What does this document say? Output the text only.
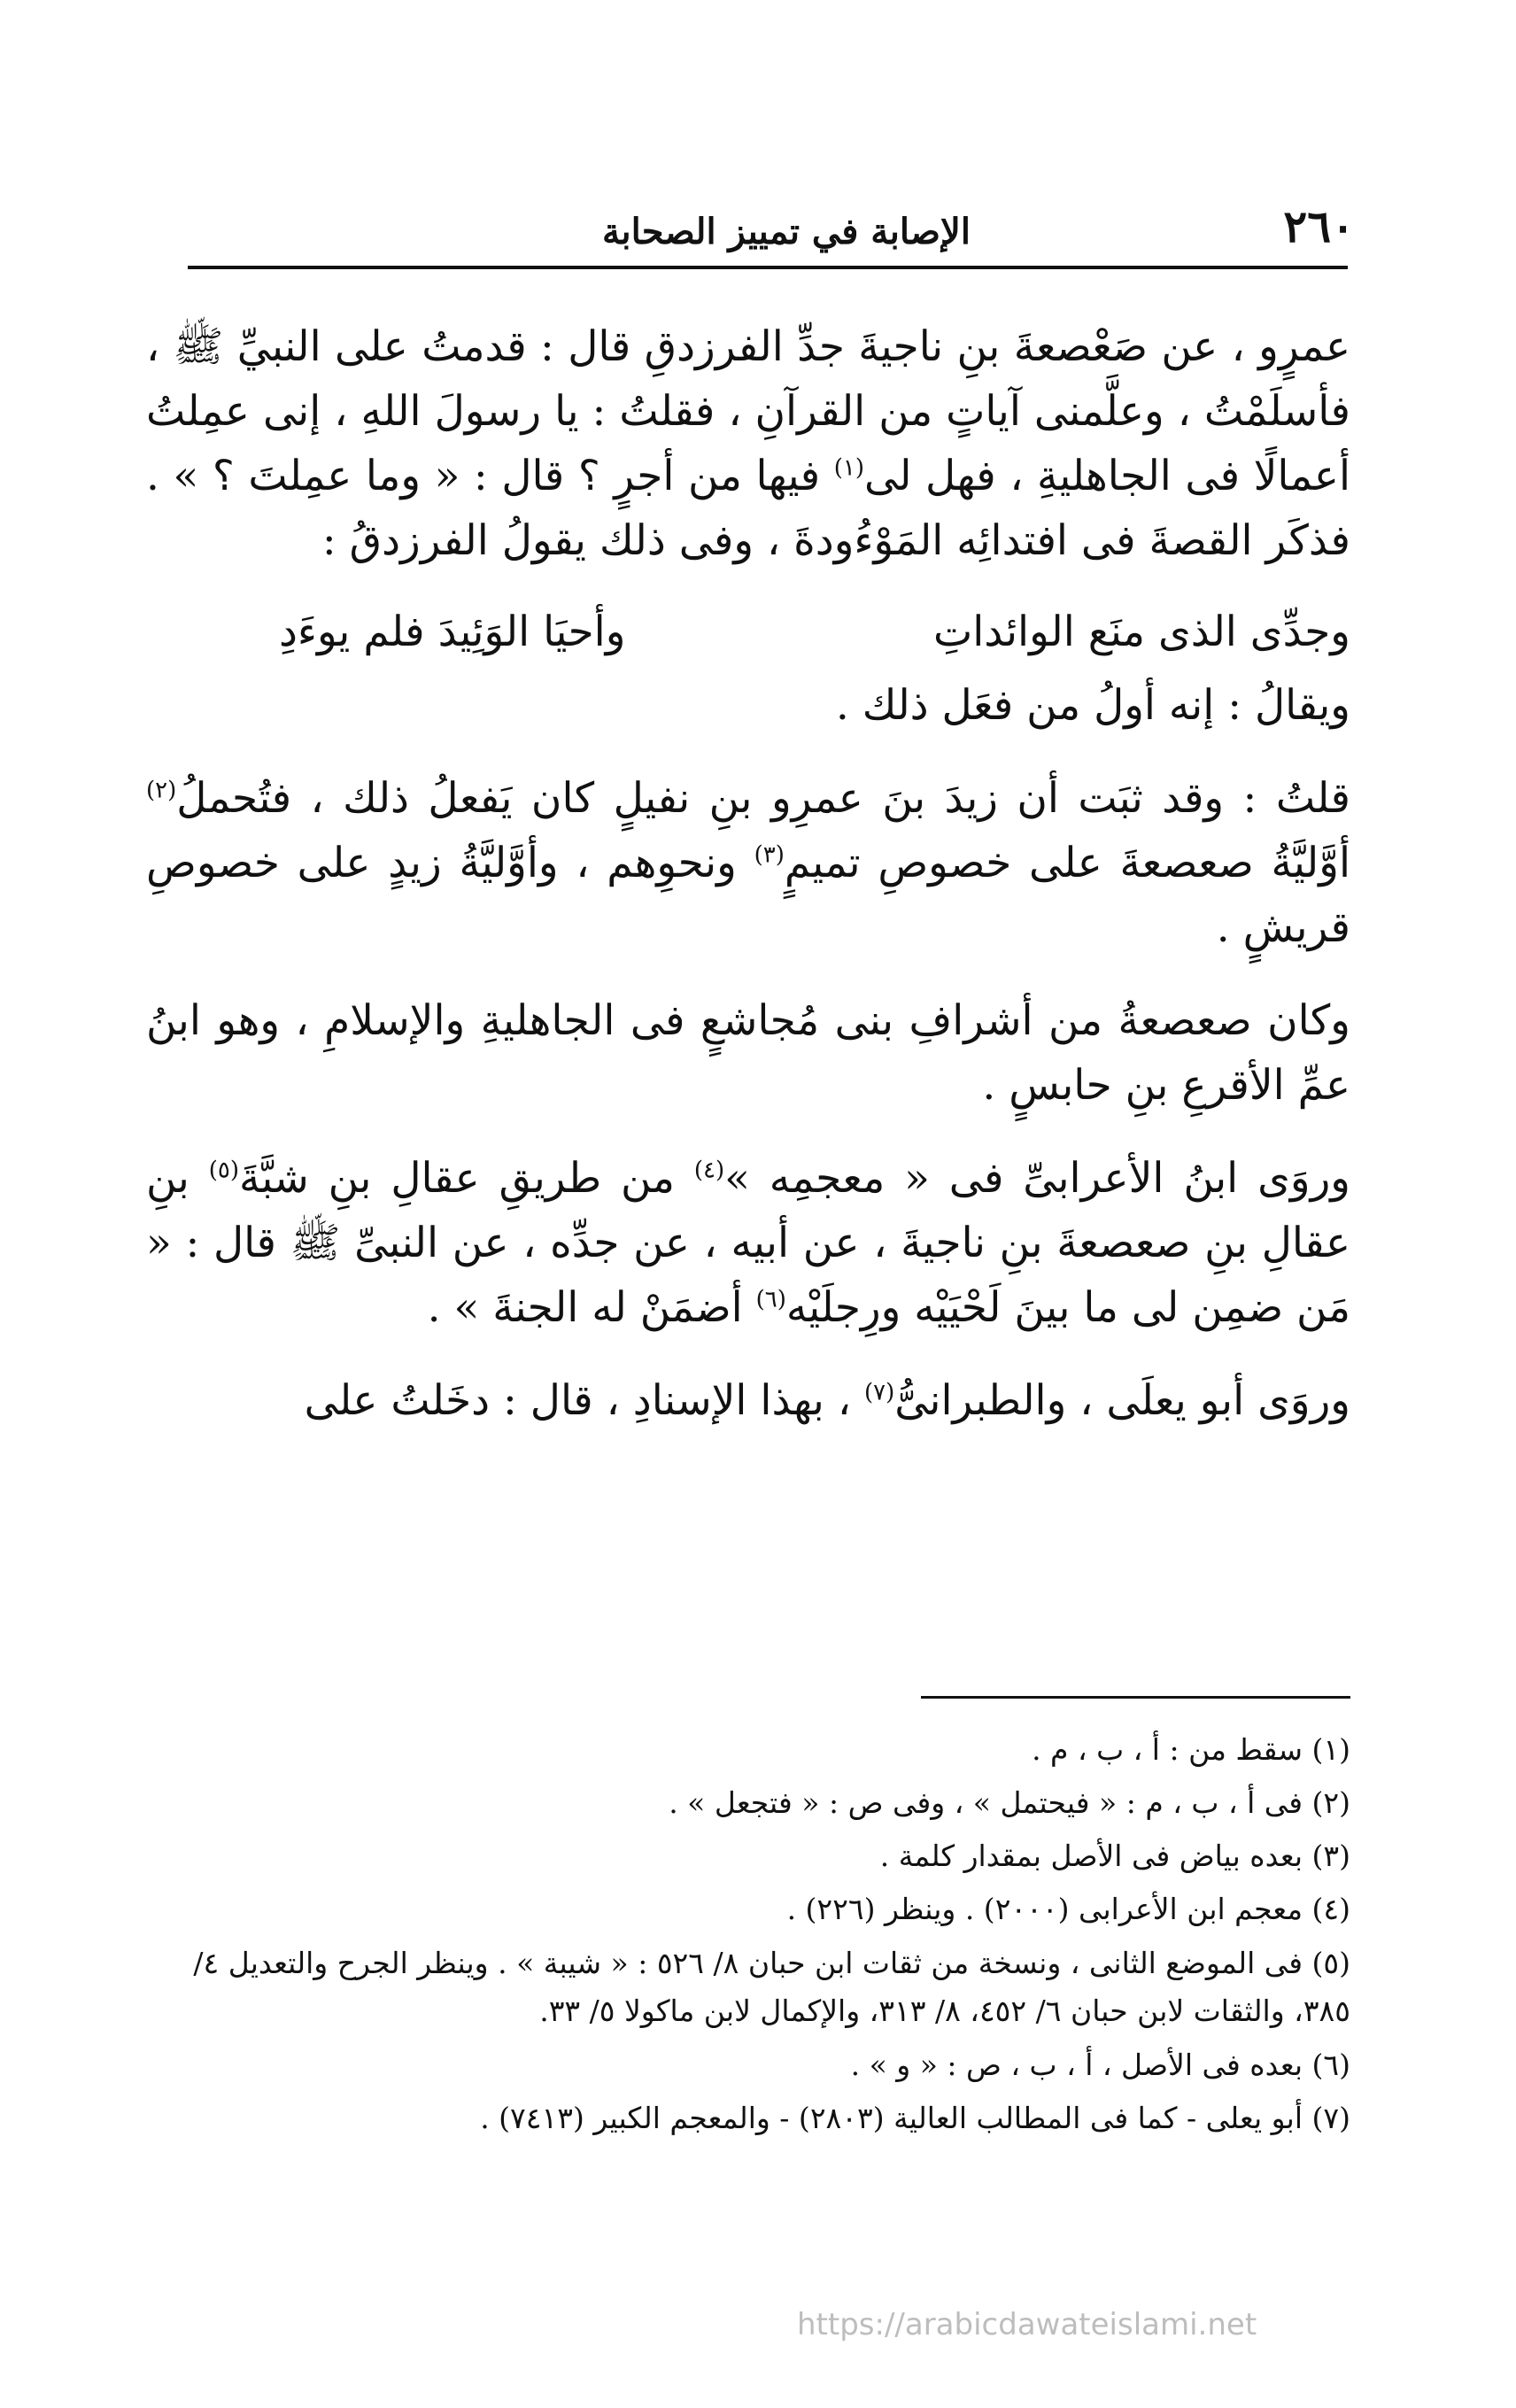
٢٦٠
الإصابة في تمييز الصحابة

عمرٍو ، عن صَعْصعةَ بنِ ناجيةَ جدِّ الفرزدقِ قال : قدمتُ على النبيِّ ﷺ ، فأسلَمْتُ ، وعلَّمنى آياتٍ من القرآنِ ، فقلتُ : يا رسولَ اللهِ ، إنى عمِلتُ أعمالًا فى الجاهليةِ ، فهل لى$^{(١)}$ فيها من أجرٍ ؟ قال : « وما عمِلتَ ؟ » . فذكَر القصةَ فى افتدائِه المَوْءُودةَ ، وفى ذلك يقولُ الفرزدقُ :

وجدِّى الذى منَع الوائداتِ
وأحيَا الوَئِيدَ فلم يوءَدِ

ويقالُ : إنه أولُ من فعَل ذلك .

قلتُ : وقد ثبَت أن زيدَ بنَ عمرِو بنِ نفيلٍ كان يَفعلُ ذلك ، فتُحملُ$^{(٢)}$ أوَّليَّةُ صعصعةَ على خصوصِ تميمٍ$^{(٣)}$ ونحوِهم ، وأوَّليَّةُ زيدٍ على خصوصِ قريشٍ .

وكان صعصعةُ من أشرافِ بنى مُجاشعٍ فى الجاهليةِ والإسلامِ ، وهو ابنُ عمِّ الأقرعِ بنِ حابسٍ .

وروَى ابنُ الأعرابىِّ فى « معجمِه »$^{(٤)}$ من طريقِ عقالِ بنِ شبَّةَ$^{(٥)}$ بنِ عقالِ بنِ صعصعةَ بنِ ناجيةَ ، عن أبيه ، عن جدِّه ، عن النبىِّ ﷺ قال : « مَن ضمِن لى ما بينَ لَحْيَيْه ورِجلَيْه$^{(٦)}$ أضمَنْ له الجنةَ » .

وروَى أبو يعلَى ، والطبرانىُّ$^{(٧)}$ ، بهذا الإسنادِ ، قال : دخَلتُ على

(١) سقط من : أ ، ب ، م .

(٢) فى أ ، ب ، م : « فيحتمل » ، وفى ص : « فتجعل » .

(٣) بعده بياض فى الأصل بمقدار كلمة .

(٤) معجم ابن الأعرابى (٢٠٠٠) . وينظر (٢٢٦) .

(٥) فى الموضع الثانى ، ونسخة من ثقات ابن حبان ٨/ ٥٢٦ : « شيبة » . وينظر الجرح والتعديل ٤/ ٣٨٥، والثقات لابن حبان ٦/ ٤٥٢، ٨/ ٣١٣، والإكمال لابن ماكولا ٥/ ٣٣.

(٦) بعده فى الأصل ، أ ، ب ، ص : « و » .

(٧) أبو يعلى - كما فى المطالب العالية (٢٨٠٣) - والمعجم الكبير (٧٤١٣) .

https://arabicdawateislami.net
